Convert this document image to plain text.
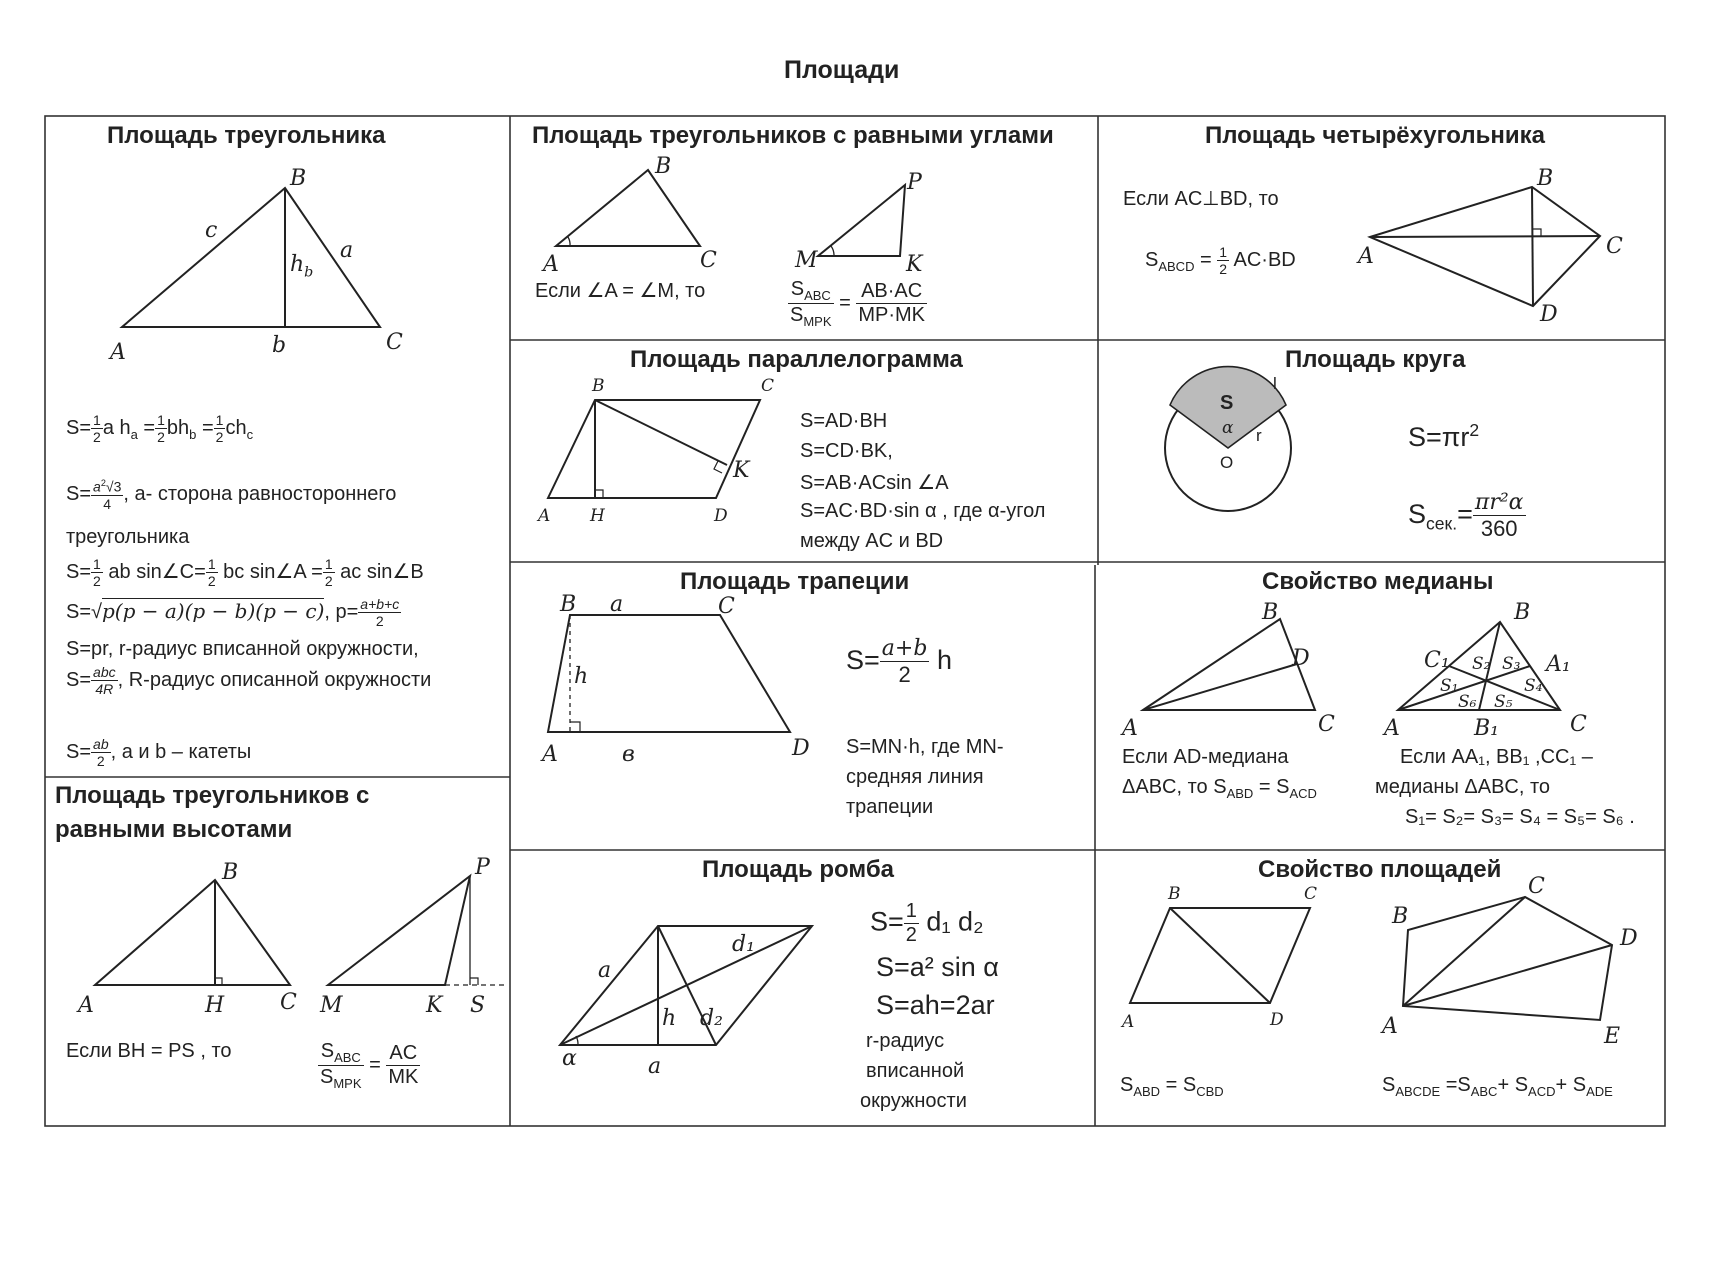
Площади
Площадь треугольника
B
c
a
$h_b$
A	b	C
$S= \frac{1}{2}$ a $h_a = \frac{1}{2} bh_b = \frac{1}{2} ch_c$
$S= \frac{a^2√3}{4}$ , a- сторона равностороннего
треугольника
$S= \frac{1}{2}$ ab sin∠C= $\frac{1}{2}$ bc sin∠A = $\frac{1}{2}$ ac sin∠B
S=√p(p − a)(p − b)(p − c), $p= \frac{a+b+c}{2}$
S=pr, r-радиус вписанной окружности,
$S= \frac{\text{abc}}{4R}$ , R-радиус описанной окружности
$S= \frac{ab}{2}$ , a и b – катеты
Площадь треугольников с
равными высотами
B
A	H	C
P
M	K S
Если BH = PS , то	$\frac{S_{ABC}}{S_{MPK}} = \frac{AC}{MK}$
Площадь треугольников с равными углами
B
A	C
P
M	K
Если ∠A = ∠M, то	$\frac{S_{ABC}}{S_{MPK}} = \frac{AB\cdot AC}{MP\cdot MK}$
Площадь четырёхугольника
Если AC⊥BD, то
$S_{ABCD} = \frac{1}{2} AC\cdot BD$
B
A	C
D
Площадь параллелограмма
B	C
A H	D
K
S=AD·BH
S=CD·BK,
S=AB·ACsin ∠A
S=AC·BD·sin α , где α-угол
между AC и BD
Площадь круга
S
α
O
r
l
$S=\pi r^2$
$S_{сек.}= \frac{\text{πr²α}}{360}$
Площадь трапеции
B a	C
h
A	в	D
$S= \frac{a+b}{2}$ h
S=MN·h, где MN-
средняя линия
трапеции
Свойство медианы
B
D
A	C
B
C₁	A₁
A	B₁	C
S₂ S₃
S₁	S₄
S₆ S₅
Если AD-медиана
ΔABC, то $S_{ABD} = S_{ACD}$
Если AA₁, BB₁ ,CC₁ –
медианы ΔABC, то
S₁= S₂= S₃= S₄ = S₅= S₆ .
Площадь ромба
a
d₁
d₂
h
α	a
$S= \frac{1}{2} d_1$ d₂
S=a² sin α
S=ah=2ar
r-радиус
вписанной
окружности
Свойство площадей
B	C
A	D
C
B
D
A	E
$S_{ABD} = S_{CBD}$	$S_{ABCDE} =S_{ABC}+ S_{ACD}+ S_{ADE}$
